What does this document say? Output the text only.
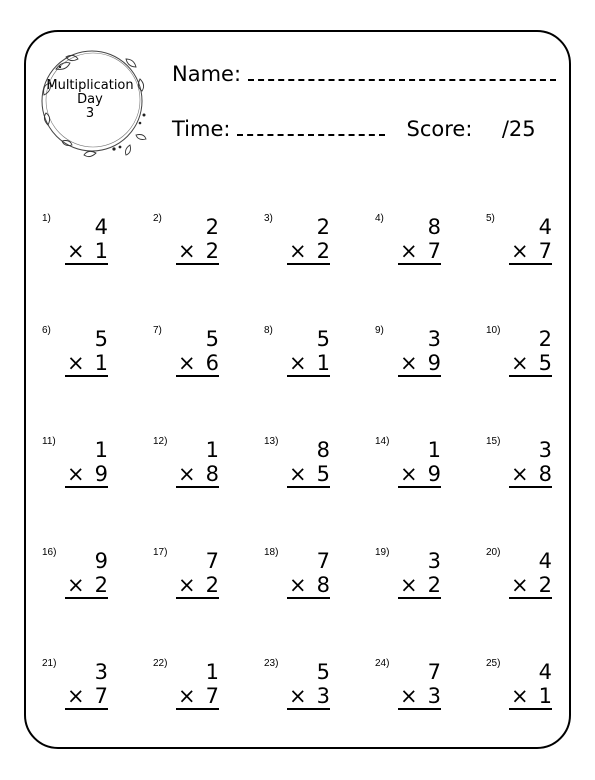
Multiplication
Day
3
Name:
Time:	Score: /25
1) 4
× 1
2) 2
× 2
3) 2
× 2
4) 8
× 7
5) 4
× 7
6) 5
× 1
7) 5
× 6
8) 5
× 1
9) 3
× 9
10) 2
× 5
11) 1
× 9
12) 1
× 8
13) 8
× 5
14) 1
× 9
15) 3
× 8
16) 9
× 2
17) 7
× 2
18) 7
× 8
19) 3
× 2
20) 4
× 2
21) 3
× 7
22) 1
× 7
23) 5
× 3
24) 7
× 3
25) 4
× 1
